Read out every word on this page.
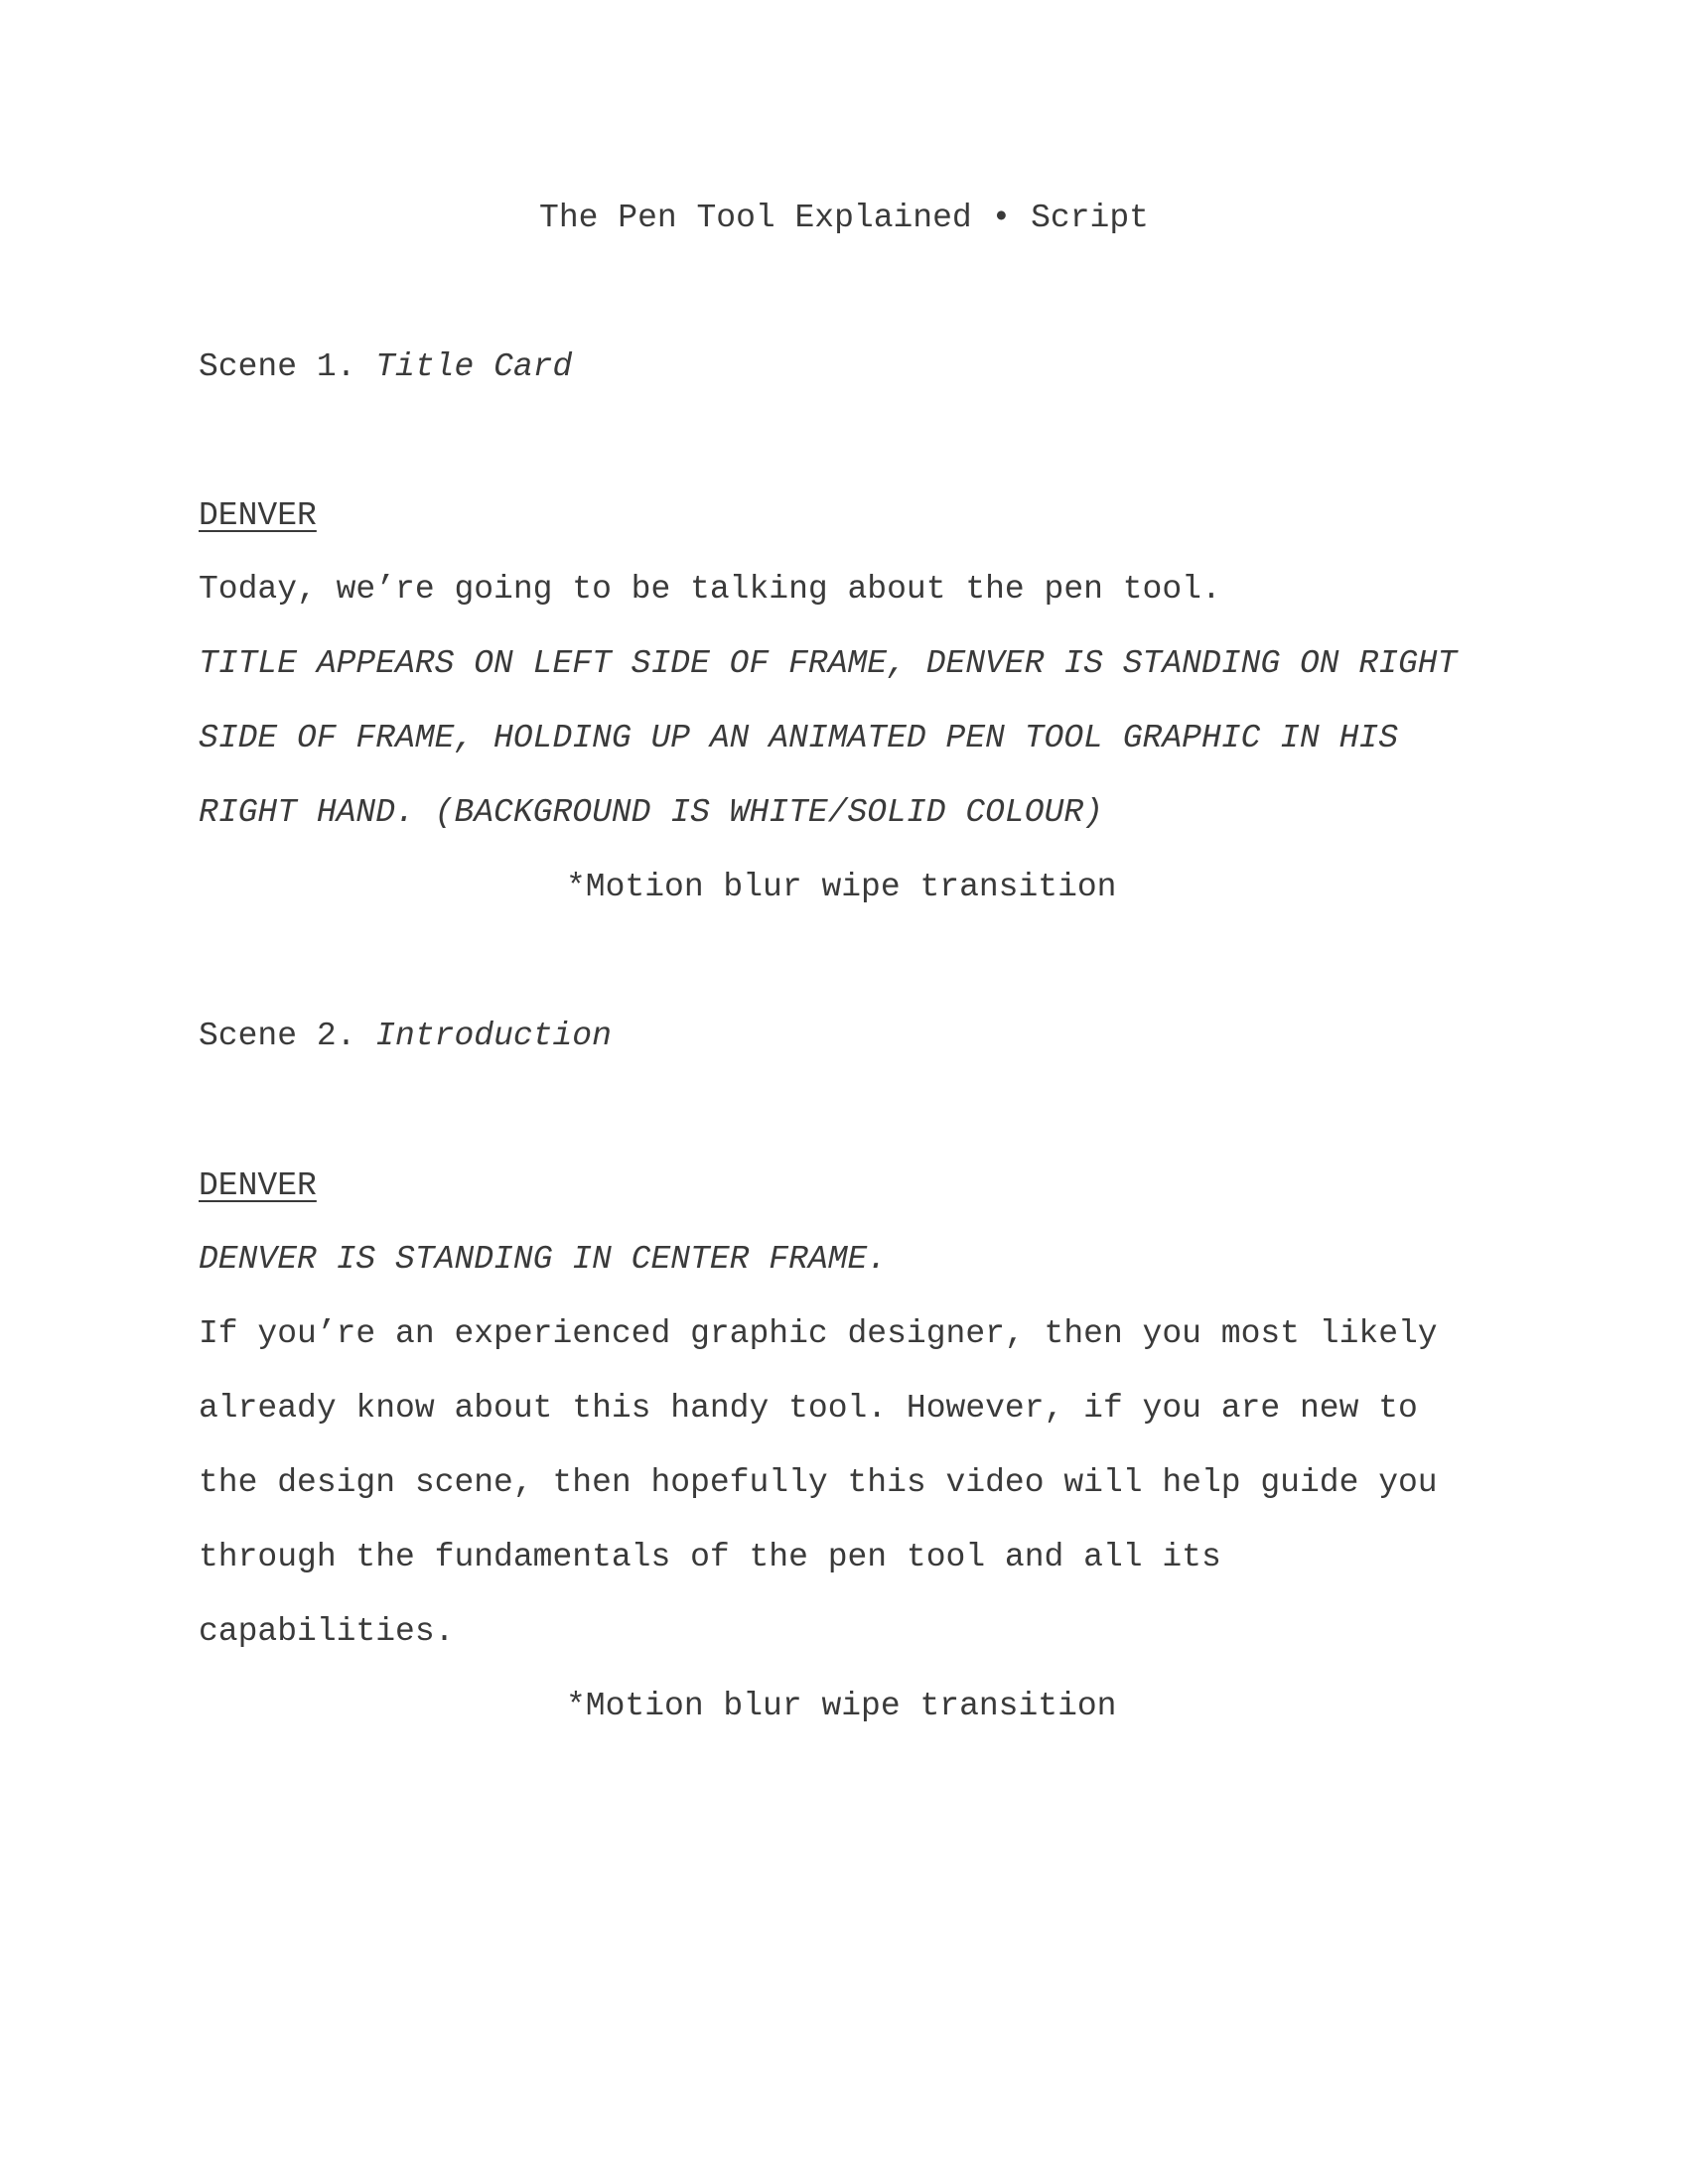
The Pen Tool Explained • Script

Scene 1. Title Card

DENVER

Today, we’re going to be talking about the pen tool.

TITLE APPEARS ON LEFT SIDE OF FRAME, DENVER IS STANDING ON RIGHT

SIDE OF FRAME, HOLDING UP AN ANIMATED PEN TOOL GRAPHIC IN HIS

RIGHT HAND. (BACKGROUND IS WHITE/SOLID COLOUR)

*Motion blur wipe transition

Scene 2. Introduction

DENVER

DENVER IS STANDING IN CENTER FRAME.

If you’re an experienced graphic designer, then you most likely

already know about this handy tool. However, if you are new to

the design scene, then hopefully this video will help guide you

through the fundamentals of the pen tool and all its

capabilities.

*Motion blur wipe transition
